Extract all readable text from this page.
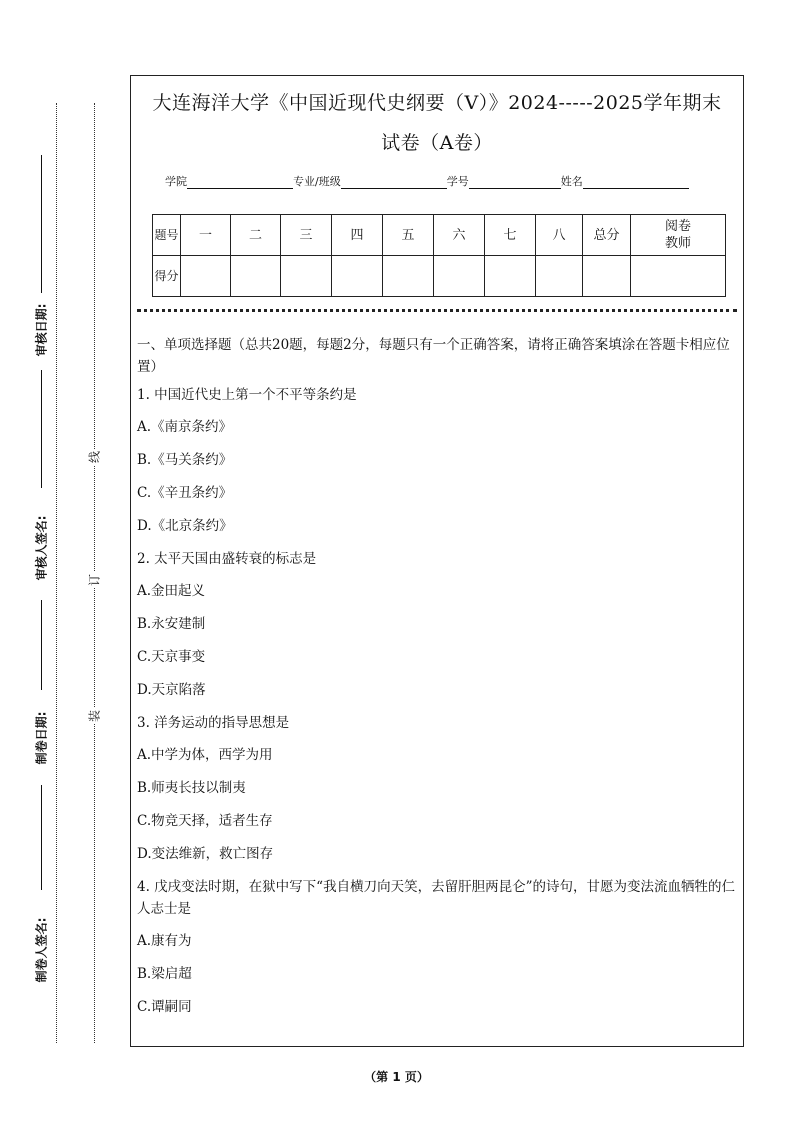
审核日期:
审核人签名:
制卷日期:
制卷人签名:
线
订
装
大连海洋大学《中国近现代史纲要（V）》2024-----2025学年期末
试卷（A卷）
学院	专业/班级	学号	姓名
题号	一	二	三	四	五	六	七	八	总分	阅卷教师
得分										
一、单项选择题（总共20题，每题2分，每题只有一个正确答案，请将正确答案填涂在答题卡相应位置）
1. 中国近代史上第一个不平等条约是
A.《南京条约》
B.《马关条约》
C.《辛丑条约》
D.《北京条约》
2. 太平天国由盛转衰的标志是
A.金田起义
B.永安建制
C.天京事变
D.天京陷落
3. 洋务运动的指导思想是
A.中学为体，西学为用
B.师夷长技以制夷
C.物竞天择，适者生存
D.变法维新，救亡图存
4. 戊戌变法时期，在狱中写下“我自横刀向天笑，去留肝胆两昆仑”的诗句，甘愿为变法流血牺牲的仁人志士是
A.康有为
B.梁启超
C.谭嗣同
（第 1 页）
